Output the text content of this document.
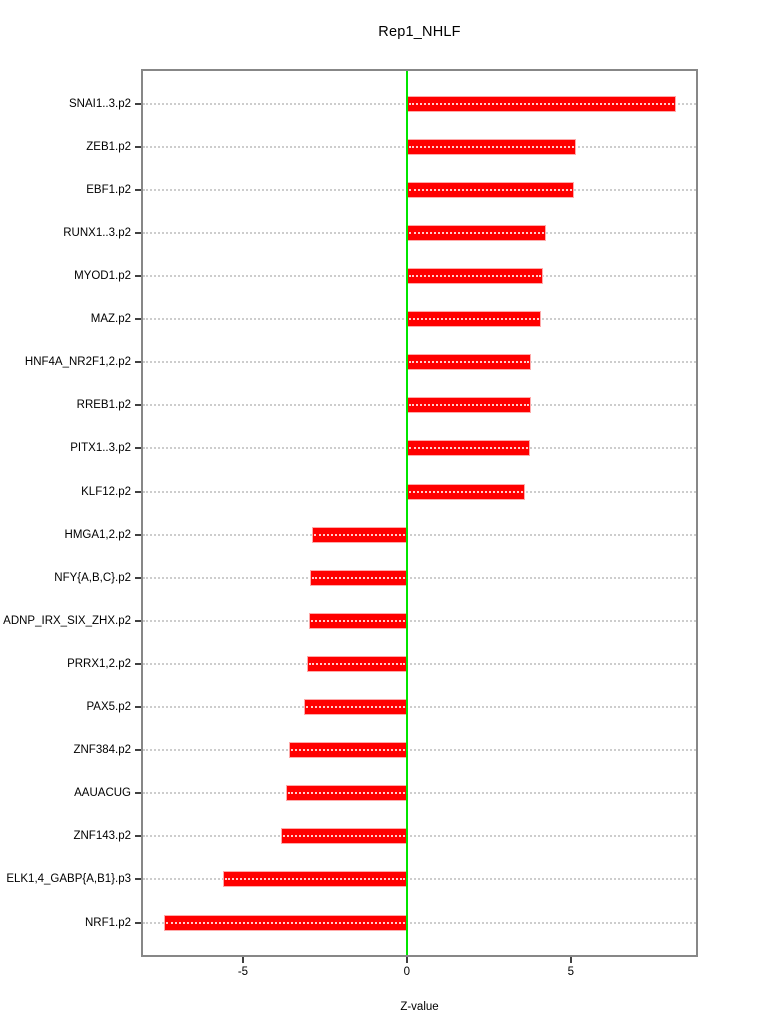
Rep1_NHLF
Z-value
SNAI1..3.p2
ZEB1.p2
EBF1.p2
RUNX1..3.p2
MYOD1.p2
MAZ.p2
HNF4A_NR2F1,2.p2
RREB1.p2
PITX1..3.p2
KLF12.p2
HMGA1,2.p2
NFY{A,B,C}.p2
ADNP_IRX_SIX_ZHX.p2
PRRX1,2.p2
PAX5.p2
ZNF384.p2
AAUACUG
ZNF143.p2
ELK1,4_GABP{A,B1}.p3
NRF1.p2
-5	0	5
